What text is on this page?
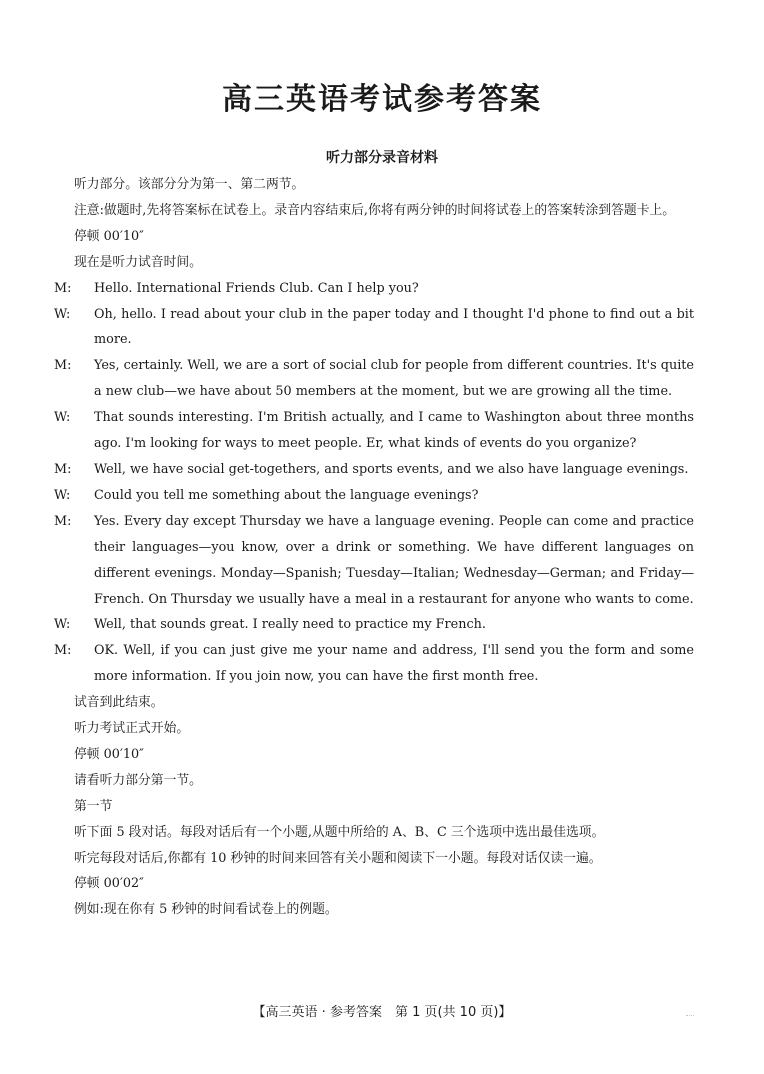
高三英语考试参考答案
听力部分录音材料

听力部分。该部分分为第一、第二两节。

注意:做题时,先将答案标在试卷上。录音内容结束后,你将有两分钟的时间将试卷上的答案转涂到答题卡上。

停顿 00′10″

现在是听力试音时间。

M: Hello. International Friends Club. Can I help you?

W: Oh, hello. I read about your club in the paper today and I thought I'd phone to find out a bit more.

M: Yes, certainly. Well, we are a sort of social club for people from different countries. It's quite a new club—we have about 50 members at the moment, but we are growing all the time.

W: That sounds interesting. I'm British actually, and I came to Washington about three months ago. I'm looking for ways to meet people. Er, what kinds of events do you organize?

M: Well, we have social get-togethers, and sports events, and we also have language evenings.

W: Could you tell me something about the language evenings?

M: Yes. Every day except Thursday we have a language evening. People can come and practice their languages—you know, over a drink or something. We have different languages on different evenings. Monday—Spanish; Tuesday—Italian; Wednesday—German; and Friday—French. On Thursday we usually have a meal in a restaurant for anyone who wants to come.

W: Well, that sounds great. I really need to practice my French.

M: OK. Well, if you can just give me your name and address, I'll send you the form and some more information. If you join now, you can have the first month free.

试音到此结束。

听力考试正式开始。

停顿 00′10″

请看听力部分第一节。

第一节

听下面 5 段对话。每段对话后有一个小题,从题中所给的 A、B、C 三个选项中选出最佳选项。

听完每段对话后,你都有 10 秒钟的时间来回答有关小题和阅读下一小题。每段对话仅读一遍。

停顿 00′02″

例如:现在你有 5 秒钟的时间看试卷上的例题。

【高三英语 · 参考答案　第 1 页(共 10 页)】
